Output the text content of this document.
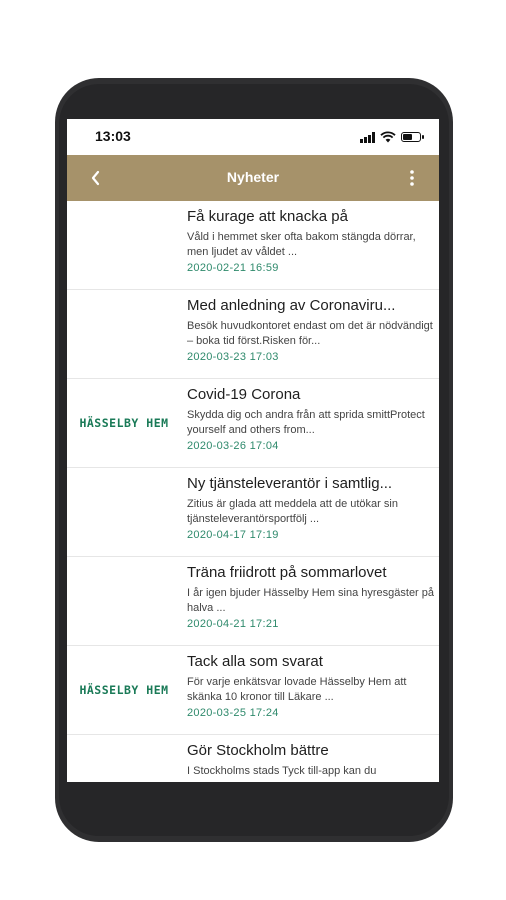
13:03
Nyheter
Få kurage att knacka på
Våld i hemmet sker ofta bakom stängda dörrar, men ljudet av våldet ...
2020-02-21 16:59
Med anledning av Coronaviru...
Besök huvudkontoret endast om det är nödvändigt – boka tid först.Risken för...
2020-03-23 17:03
HÄSSELBY HEM
Covid-19 Corona
Skydda dig och andra från att sprida smittProtect yourself and others from...
2020-03-26 17:04
Ny tjänsteleverantör i samtlig...
Zitius är glada att meddela att de utökar sin tjänsteleverantörsportfölj ...
2020-04-17 17:19
Träna friidrott på sommarlovet
I år igen bjuder Hässelby Hem sina hyresgäster på halva ...
2020-04-21 17:21
HÄSSELBY HEM
Tack alla som svarat
För varje enkätsvar lovade Hässelby Hem att skänka 10 kronor till Läkare ...
2020-03-25 17:24
Gör Stockholm bättre
I Stockholms stads Tyck till-app kan du
